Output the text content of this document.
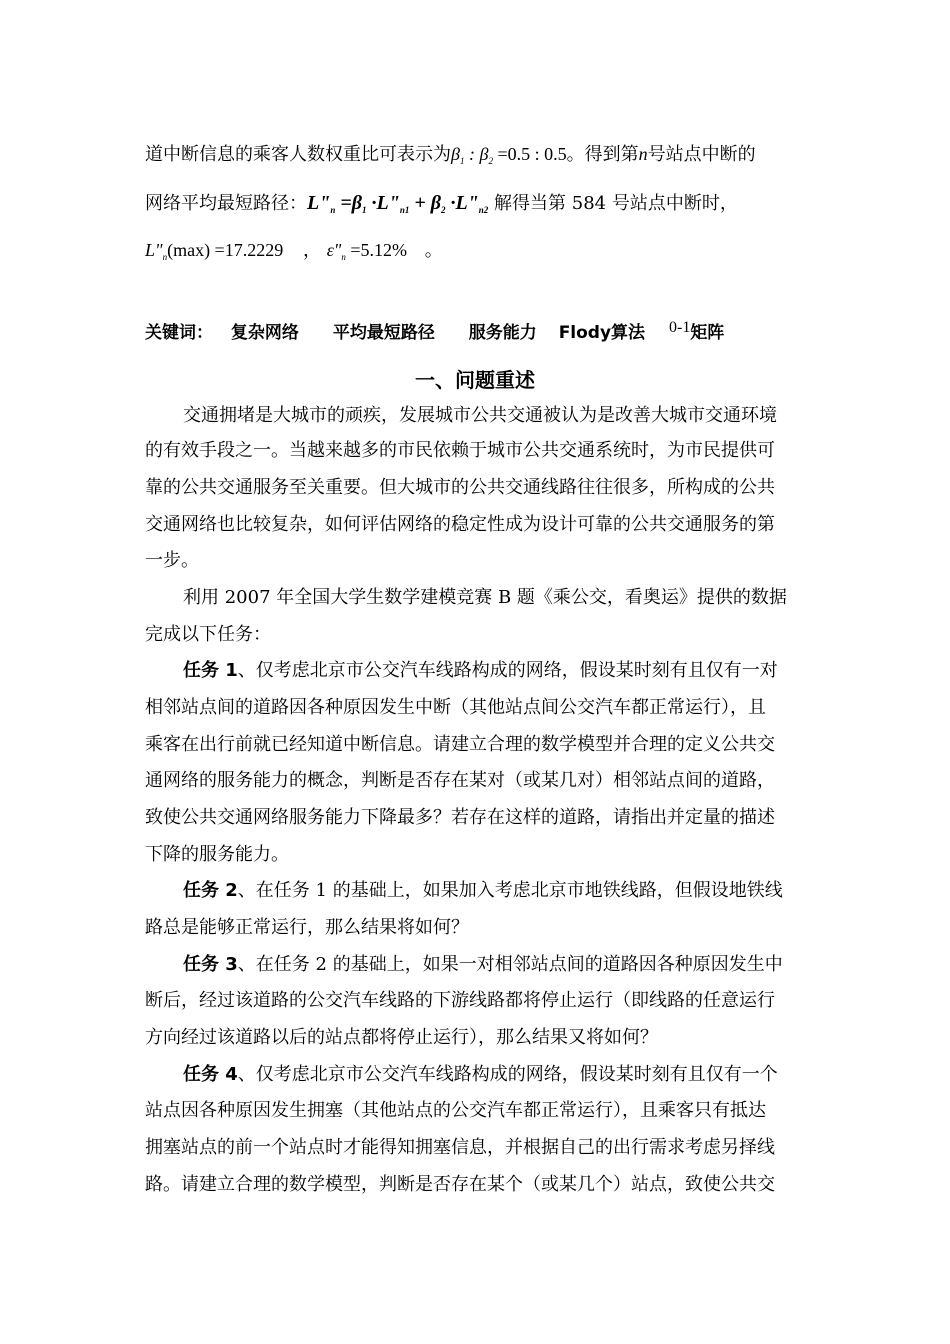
道中断信息的乘客人数权重比可表示为$\beta_1$ : $\beta_2 =0.5$ : 0.5。得到第n号站点中断的
网络平均最短路径：$L"_n =\beta_1$ $\cdot L"_{n1} + \beta_2$ $\cdot L"_{n2}$ 解得当第 584 号站点中断时，
$L"_n(\max) =17.2229$ ， $\varepsilon"_n =5.12\%$ 。
关键词： 复杂网络 平均最短路径 服务能力 Flody算法 0-1矩阵
一、问题重述
交通拥堵是大城市的顽疾，发展城市公共交通被认为是改善大城市交通环境
的有效手段之一。当越来越多的市民依赖于城市公共交通系统时，为市民提供可
靠的公共交通服务至关重要。但大城市的公共交通线路往往很多，所构成的公共
交通网络也比较复杂，如何评估网络的稳定性成为设计可靠的公共交通服务的第
一步。
利用 2007 年全国大学生数学建模竞赛 B 题《乘公交，看奥运》提供的数据
完成以下任务：
任务 1、仅考虑北京市公交汽车线路构成的网络，假设某时刻有且仅有一对
相邻站点间的道路因各种原因发生中断（其他站点间公交汽车都正常运行），且
乘客在出行前就已经知道中断信息。请建立合理的数学模型并合理的定义公共交
通网络的服务能力的概念，判断是否存在某对（或某几对）相邻站点间的道路，
致使公共交通网络服务能力下降最多？若存在这样的道路，请指出并定量的描述
下降的服务能力。
任务 2、在任务 1 的基础上，如果加入考虑北京市地铁线路，但假设地铁线
路总是能够正常运行，那么结果将如何？
任务 3、在任务 2 的基础上，如果一对相邻站点间的道路因各种原因发生中
断后，经过该道路的公交汽车线路的下游线路都将停止运行（即线路的任意运行
方向经过该道路以后的站点都将停止运行），那么结果又将如何？
任务 4、仅考虑北京市公交汽车线路构成的网络，假设某时刻有且仅有一个
站点因各种原因发生拥塞（其他站点的公交汽车都正常运行），且乘客只有抵达
拥塞站点的前一个站点时才能得知拥塞信息，并根据自己的出行需求考虑另择线
路。请建立合理的数学模型，判断是否存在某个（或某几个）站点，致使公共交
